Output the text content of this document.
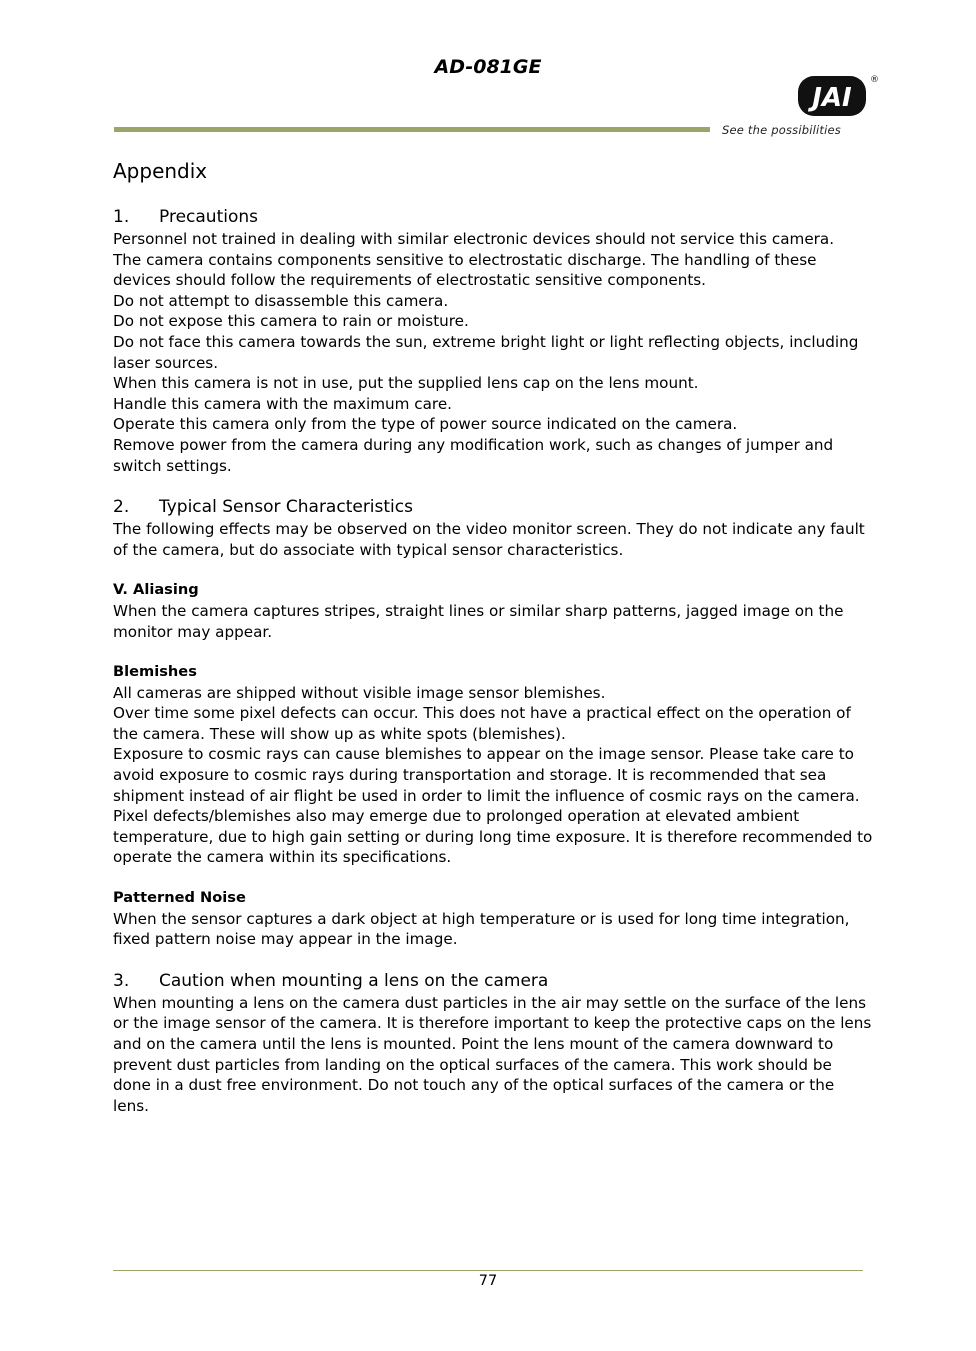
AD-081GE
JAI
®
See the possibilities
Appendix

1. Precautions

Personnel not trained in dealing with similar electronic devices should not service this camera.

The camera contains components sensitive to electrostatic discharge. The handling of these devices should follow the requirements of electrostatic sensitive components.

Do not attempt to disassemble this camera.

Do not expose this camera to rain or moisture.

Do not face this camera towards the sun, extreme bright light or light reflecting objects, including laser sources.

When this camera is not in use, put the supplied lens cap on the lens mount.

Handle this camera with the maximum care.

Operate this camera only from the type of power source indicated on the camera.

Remove power from the camera during any modification work, such as changes of jumper and switch settings.

2. Typical Sensor Characteristics

The following effects may be observed on the video monitor screen. They do not indicate any fault of the camera, but do associate with typical sensor characteristics.

V. Aliasing

When the camera captures stripes, straight lines or similar sharp patterns, jagged image on the monitor may appear.

Blemishes

All cameras are shipped without visible image sensor blemishes.

Over time some pixel defects can occur. This does not have a practical effect on the operation of the camera. These will show up as white spots (blemishes).

Exposure to cosmic rays can cause blemishes to appear on the image sensor. Please take care to avoid exposure to cosmic rays during transportation and storage. It is recommended that sea shipment instead of air flight be used in order to limit the influence of cosmic rays on the camera. Pixel defects/blemishes also may emerge due to prolonged operation at elevated ambient temperature, due to high gain setting or during long time exposure. It is therefore recommended to operate the camera within its specifications.

Patterned Noise

When the sensor captures a dark object at high temperature or is used for long time integration, fixed pattern noise may appear in the image.

3. Caution when mounting a lens on the camera

When mounting a lens on the camera dust particles in the air may settle on the surface of the lens or the image sensor of the camera. It is therefore important to keep the protective caps on the lens and on the camera until the lens is mounted. Point the lens mount of the camera downward to prevent dust particles from landing on the optical surfaces of the camera. This work should be done in a dust free environment. Do not touch any of the optical surfaces of the camera or the lens.

77
